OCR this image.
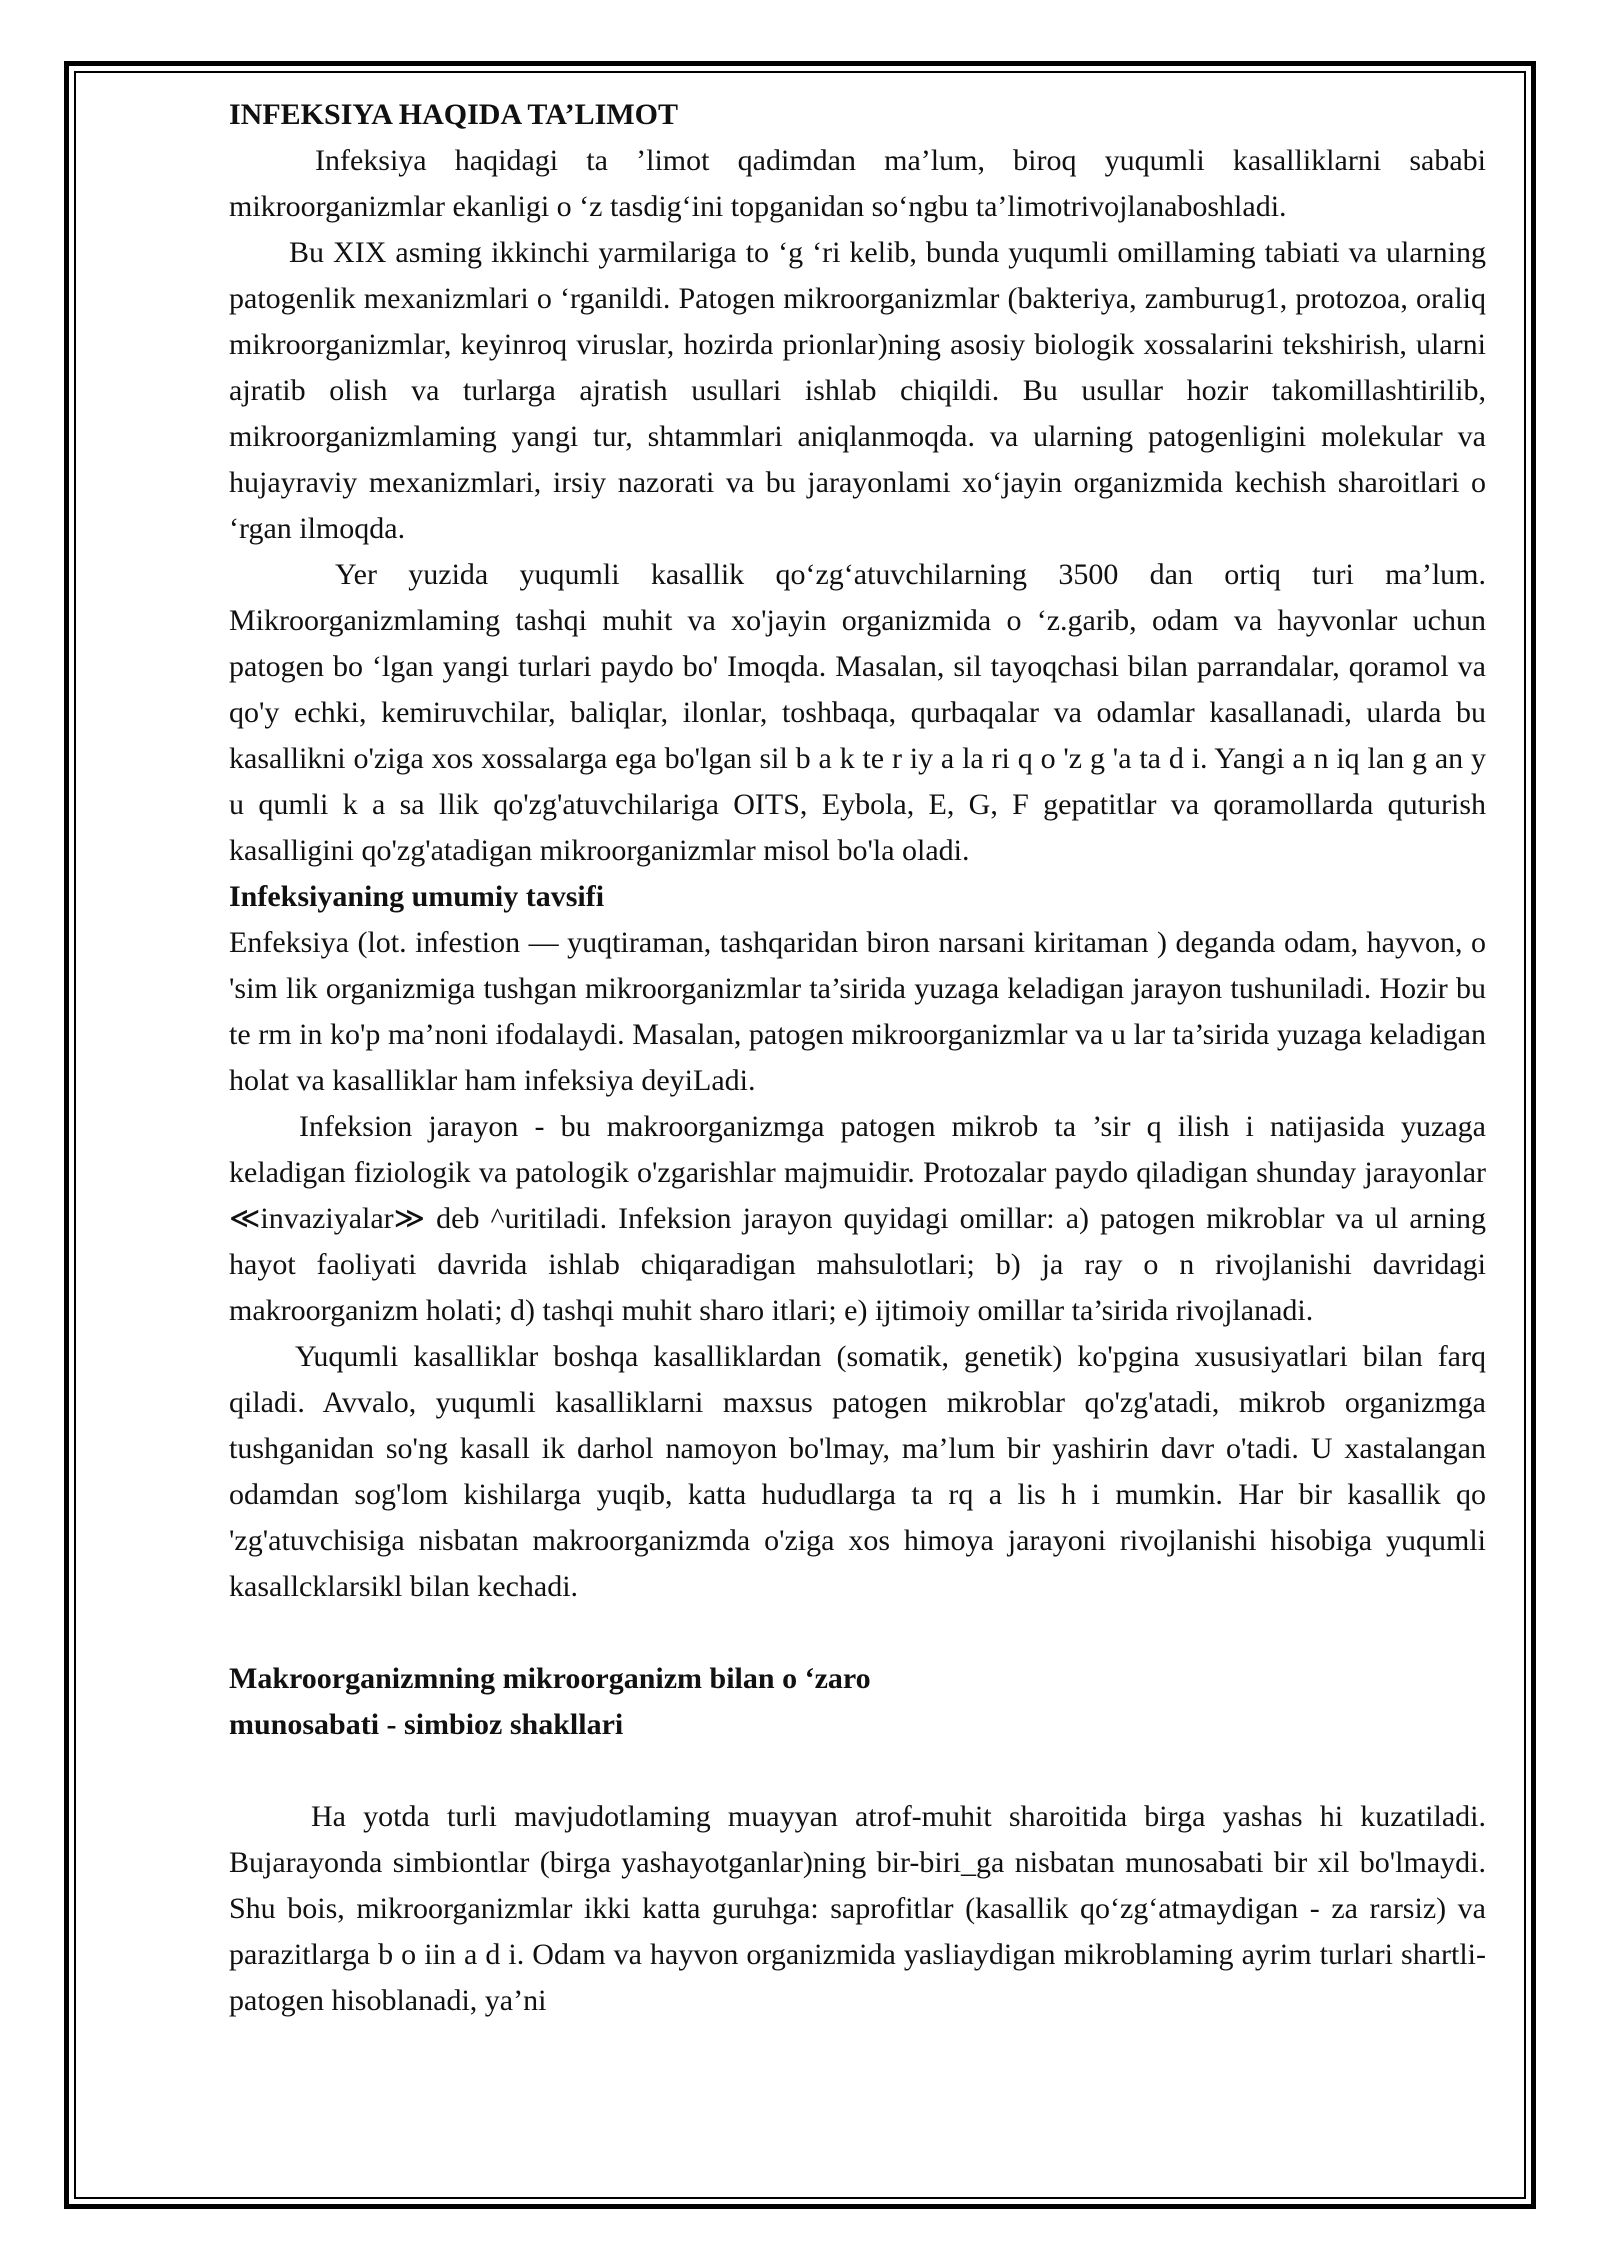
INFEKSIYA HAQIDA TA’LIMOT

Infeksiya haqidagi ta ’limot qadimdan ma’lum, biroq yuqumli kasalliklarni sababi mikroorganizmlar ekanligi o ‘z tasdig‘ini topganidan so‘ngbu ta’limotrivojlanaboshladi.

Bu XIX asming ikkinchi yarmilariga to ‘g ‘ri kelib, bunda yuqumli omillaming tabiati va ularning patogenlik mexanizmlari o ‘rganildi. Patogen mikroorganizmlar (bakteriya, zamburug1, protozoa, oraliq mikroorganizmlar, keyinroq viruslar, hozirda prionlar)ning asosiy biologik xossalarini tekshirish, ularni ajratib olish va turlarga ajratish usullari ishlab chiqildi. Bu usullar hozir takomillashtirilib, mikroorganizmlaming yangi tur, shtammlari aniqlanmoqda. va ularning patogenligini molekular va hujayraviy mexanizmlari, irsiy nazorati va bu jarayonlami xo‘jayin organizmida kechish sharoitlari o ‘rgan ilmoqda.

Yer yuzida yuqumli kasallik qo‘zg‘atuvchilarning 3500 dan ortiq turi ma’lum. Mikroorganizmlaming tashqi muhit va xo'jayin organizmida o ‘z.garib, odam va hayvonlar uchun patogen bo ‘lgan yangi turlari paydo bo' Imoqda. Masalan, sil tayoqchasi bilan parrandalar, qoramol va qo'y echki, kemiruvchilar, baliqlar, ilonlar, toshbaqa, qurbaqalar va odamlar kasallanadi, ularda bu kasallikni o'ziga xos xossalarga ega bo'lgan sil b a k te r iy a la ri q o 'z g 'a ta d i. Yangi a n iq lan g an y u qumli k a sa llik qo'zg'atuvchilariga OITS, Eybola, E, G, F gepatitlar va qoramollarda quturish kasalligini qo'zg'atadigan mikroorganizmlar misol bo'la oladi.

Infeksiyaning umumiy tavsifi

Enfeksiya (lot. infestion — yuqtiraman, tashqaridan biron narsani kiritaman ) deganda odam, hayvon, o 'sim lik organizmiga tushgan mikroorganizmlar ta’sirida yuzaga keladigan jarayon tushuniladi. Hozir bu te rm in ko'p ma’noni ifodalaydi. Masalan, patogen mikroorganizmlar va u lar ta’sirida yuzaga keladigan holat va kasalliklar ham infeksiya deyiLadi.

Infeksion jarayon - bu makroorganizmga patogen mikrob ta ’sir q ilish i natijasida yuzaga keladigan fiziologik va patologik o'zgarishlar majmuidir. Protozalar paydo qiladigan shunday jarayonlar ≪invaziyalar≫ deb ^uritiladi. Infeksion jarayon quyidagi omillar: a) patogen mikroblar va ul arning hayot faoliyati davrida ishlab chiqaradigan mahsulotlari; b) ja ray o n rivojlanishi davridagi makroorganizm holati; d) tashqi muhit sharo itlari; e) ijtimoiy omillar ta’sirida rivojlanadi.

Yuqumli kasalliklar boshqa kasalliklardan (somatik, genetik) ko'pgina xususiyatlari bilan farq qiladi. Avvalo, yuqumli kasalliklarni maxsus patogen mikroblar qo'zg'atadi, mikrob organizmga tushganidan so'ng kasall ik darhol namoyon bo'lmay, ma’lum bir yashirin davr o'tadi. U xastalangan odamdan sog'lom kishilarga yuqib, katta hududlarga ta rq a lis h i mumkin. Har bir kasallik qo 'zg'atuvchisiga nisbatan makroorganizmda o'ziga xos himoya jarayoni rivojlanishi hisobiga yuqumli kasallcklarsikl bilan kechadi.

Makroorganizmning mikroorganizm bilan o ‘zaro

munosabati - simbioz shakllari

Ha yotda turli mavjudotlaming muayyan atrof-muhit sharoitida birga yashas hi kuzatiladi. Bujarayonda simbiontlar (birga yashayotganlar)ning bir-biri_ga nisbatan munosabati bir xil bo'lmaydi. Shu bois, mikroorganizmlar ikki katta guruhga: saprofitlar (kasallik qo‘zg‘atmaydigan - za rarsiz) va parazitlarga b o iin a d i. Odam va hayvon organizmida yasliaydigan mikroblaming ayrim turlari shartli-patogen hisoblanadi, ya’ni
